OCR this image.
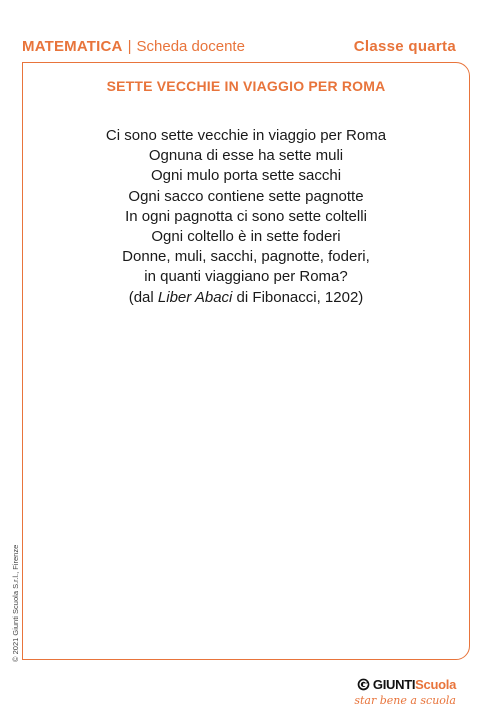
MATEMATICA | Scheda docente	Classe quarta
SETTE VECCHIE IN VIAGGIO PER ROMA
Ci sono sette vecchie in viaggio per Roma
Ognuna di esse ha sette muli
Ogni mulo porta sette sacchi
Ogni sacco contiene sette pagnotte
In ogni pagnotta ci sono sette coltelli
Ogni coltello è in sette foderi
Donne, muli, sacchi, pagnotte, foderi,
in quanti viaggiano per Roma?
(dal Liber Abaci di Fibonacci, 1202)
© 2021 Giunti Scuola S.r.l., Firenze
GIUNTI Scuola
star bene a scuola
